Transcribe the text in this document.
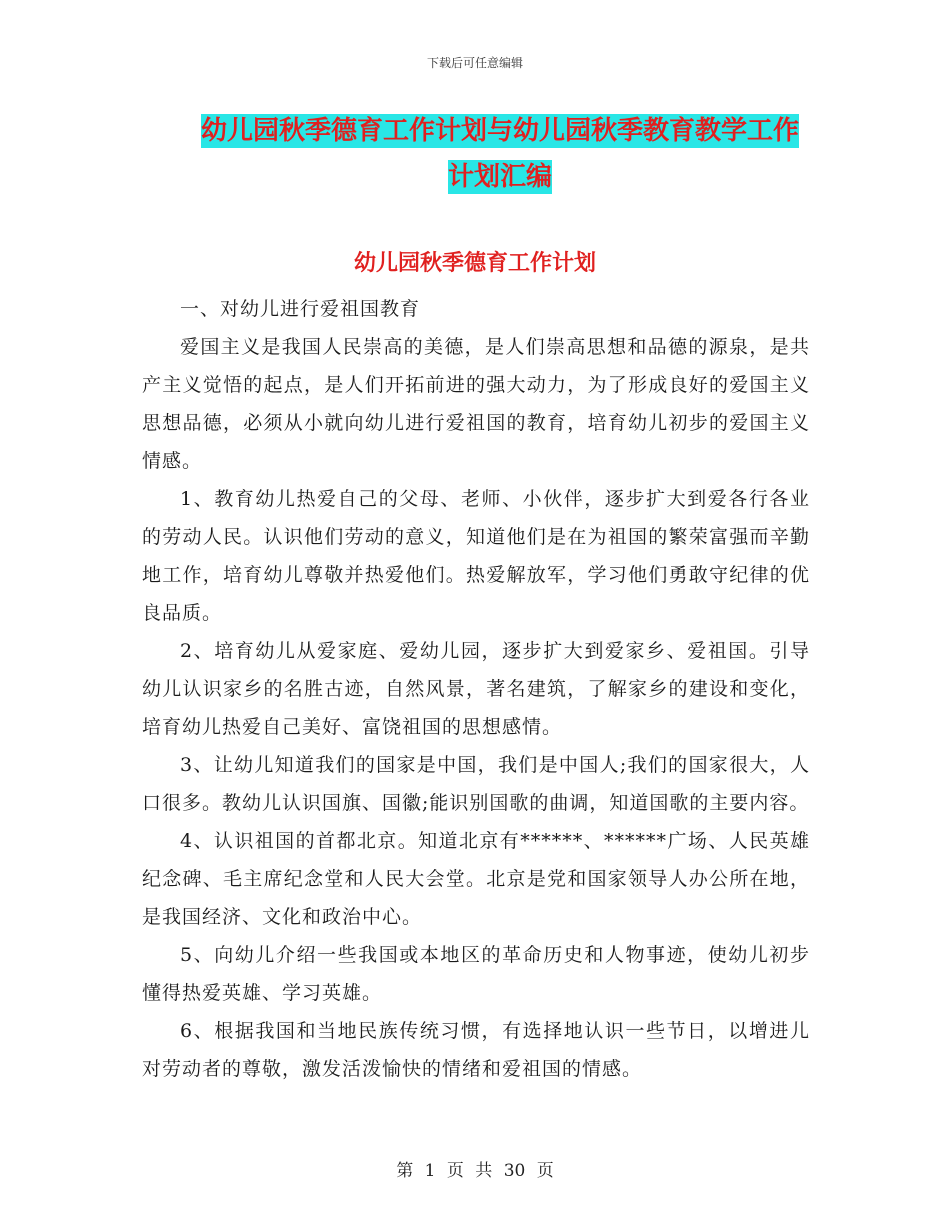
下载后可任意编辑
幼儿园秋季德育工作计划与幼儿园秋季教育教学工作
计划汇编
幼儿园秋季德育工作计划

一、对幼儿进行爱祖国教育

爱国主义是我国人民崇高的美德，是人们崇高思想和品德的源泉，是共产主义觉悟的起点，是人们开拓前进的强大动力，为了形成良好的爱国主义思想品德，必须从小就向幼儿进行爱祖国的教育，培育幼儿初步的爱国主义情感。

1、教育幼儿热爱自己的父母、老师、小伙伴，逐步扩大到爱各行各业的劳动人民。认识他们劳动的意义，知道他们是在为祖国的繁荣富强而辛勤地工作，培育幼儿尊敬并热爱他们。热爱解放军，学习他们勇敢守纪律的优良品质。

2、培育幼儿从爱家庭、爱幼儿园，逐步扩大到爱家乡、爱祖国。引导幼儿认识家乡的名胜古迹，自然风景，著名建筑，了解家乡的建设和变化，培育幼儿热爱自己美好、富饶祖国的思想感情。

3、让幼儿知道我们的国家是中国，我们是中国人;我们的国家很大，人口很多。教幼儿认识国旗、国徽;能识别国歌的曲调，知道国歌的主要内容。

4、认识祖国的首都北京。知道北京有******、******广场、人民英雄纪念碑、毛主席纪念堂和人民大会堂。北京是党和国家领导人办公所在地，是我国经济、文化和政治中心。

5、向幼儿介绍一些我国或本地区的革命历史和人物事迹，使幼儿初步懂得热爱英雄、学习英雄。

6、根据我国和当地民族传统习惯，有选择地认识一些节日，以增进儿对劳动者的尊敬，激发活泼愉快的情绪和爱祖国的情感。

第 1 页 共 30 页
